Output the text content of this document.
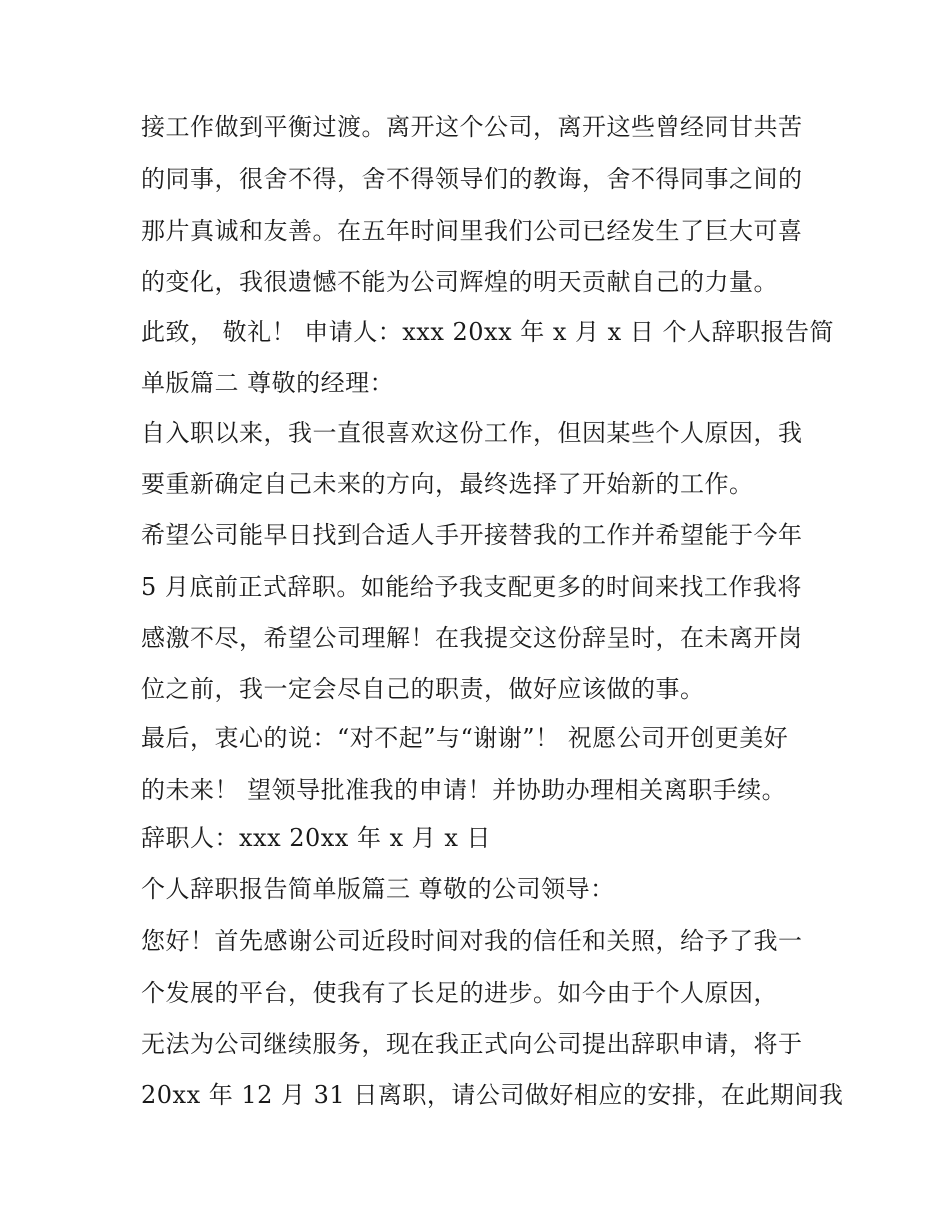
接工作做到平衡过渡。离开这个公司，离开这些曾经同甘共苦
的同事，很舍不得，舍不得领导们的教诲，舍不得同事之间的
那片真诚和友善。在五年时间里我们公司已经发生了巨大可喜
的变化，我很遗憾不能为公司辉煌的明天贡献自己的力量。
此致， 敬礼！ 申请人：xxx 20xx 年 x 月 x 日 个人辞职报告简
单版篇二 尊敬的经理：
自入职以来，我一直很喜欢这份工作，但因某些个人原因，我
要重新确定自己未来的方向，最终选择了开始新的工作。
希望公司能早日找到合适人手开接替我的工作并希望能于今年
5 月底前正式辞职。如能给予我支配更多的时间来找工作我将
感激不尽，希望公司理解！在我提交这份辞呈时，在未离开岗
位之前，我一定会尽自己的职责，做好应该做的事。
最后，衷心的说：“对不起”与“谢谢”！ 祝愿公司开创更美好
的未来！ 望领导批准我的申请！并协助办理相关离职手续。
辞职人：xxx 20xx 年 x 月 x 日
个人辞职报告简单版篇三 尊敬的公司领导：
您好！首先感谢公司近段时间对我的信任和关照，给予了我一
个发展的平台，使我有了长足的进步。如今由于个人原因，
无法为公司继续服务，现在我正式向公司提出辞职申请，将于
20xx 年 12 月 31 日离职，请公司做好相应的安排，在此期间我
